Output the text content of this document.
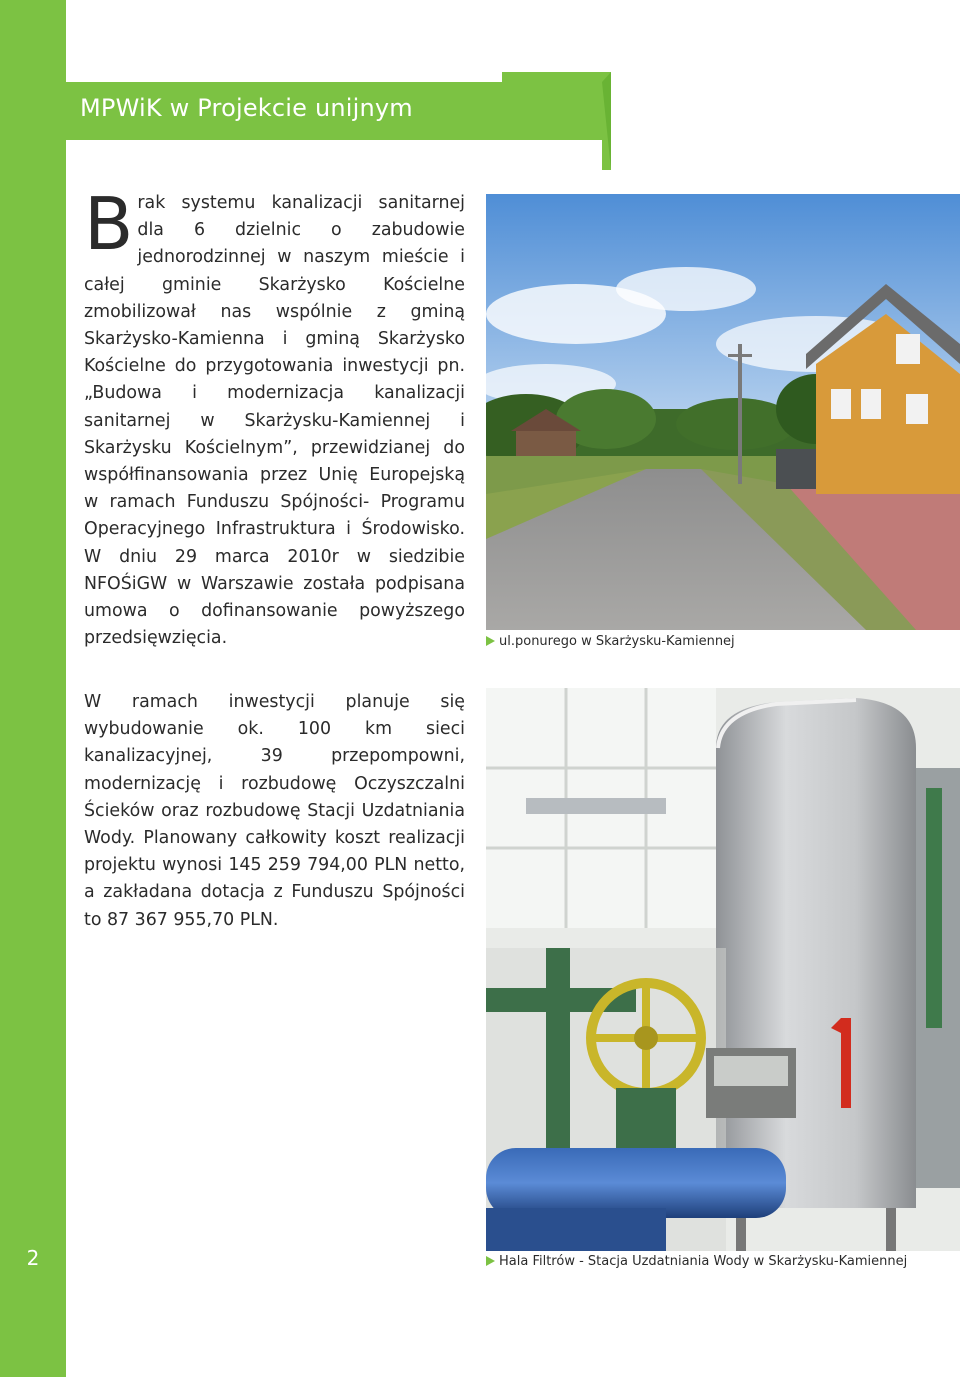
2
MPWiK w Projekcie unijnym

Brak systemu kanalizacji sanitarnej dla 6 dzielnic o zabudowie jednorodzinnej w naszym mieście i całej gminie Skarżysko Kościelne zmobilizował nas wspólnie z gminą Skarżysko-Kamienna i gminą Skarżysko Kościelne do przygotowania inwestycji pn. „Budowa i modernizacja kanalizacji sanitarnej w Skarżysku-Kamiennej i Skarżysku Kościelnym”, przewidzianej do współfinansowania przez Unię Europejską w ramach Funduszu Spójności- Programu Operacyjnego Infrastruktura i Środowisko. W dniu 29 marca 2010r w siedzibie NFOŚiGW w Warszawie została podpisana umowa o dofinansowanie powyższego przedsięwzięcia.

W ramach inwestycji planuje się wybudowanie ok. 100 km sieci kanalizacyjnej, 39 przepompowni, modernizację i rozbudowę Oczyszczalni Ścieków oraz rozbudowę Stacji Uzdatniania Wody. Planowany całkowity koszt realizacji projektu wynosi 145 259 794,00 PLN netto, a zakładana dotacja z Funduszu Spójności to 87 367 955,70 PLN.

ul.ponurego w Skarżysku-Kamiennej
Hala Filtrów - Stacja Uzdatniania Wody w Skarżysku-Kamiennej
